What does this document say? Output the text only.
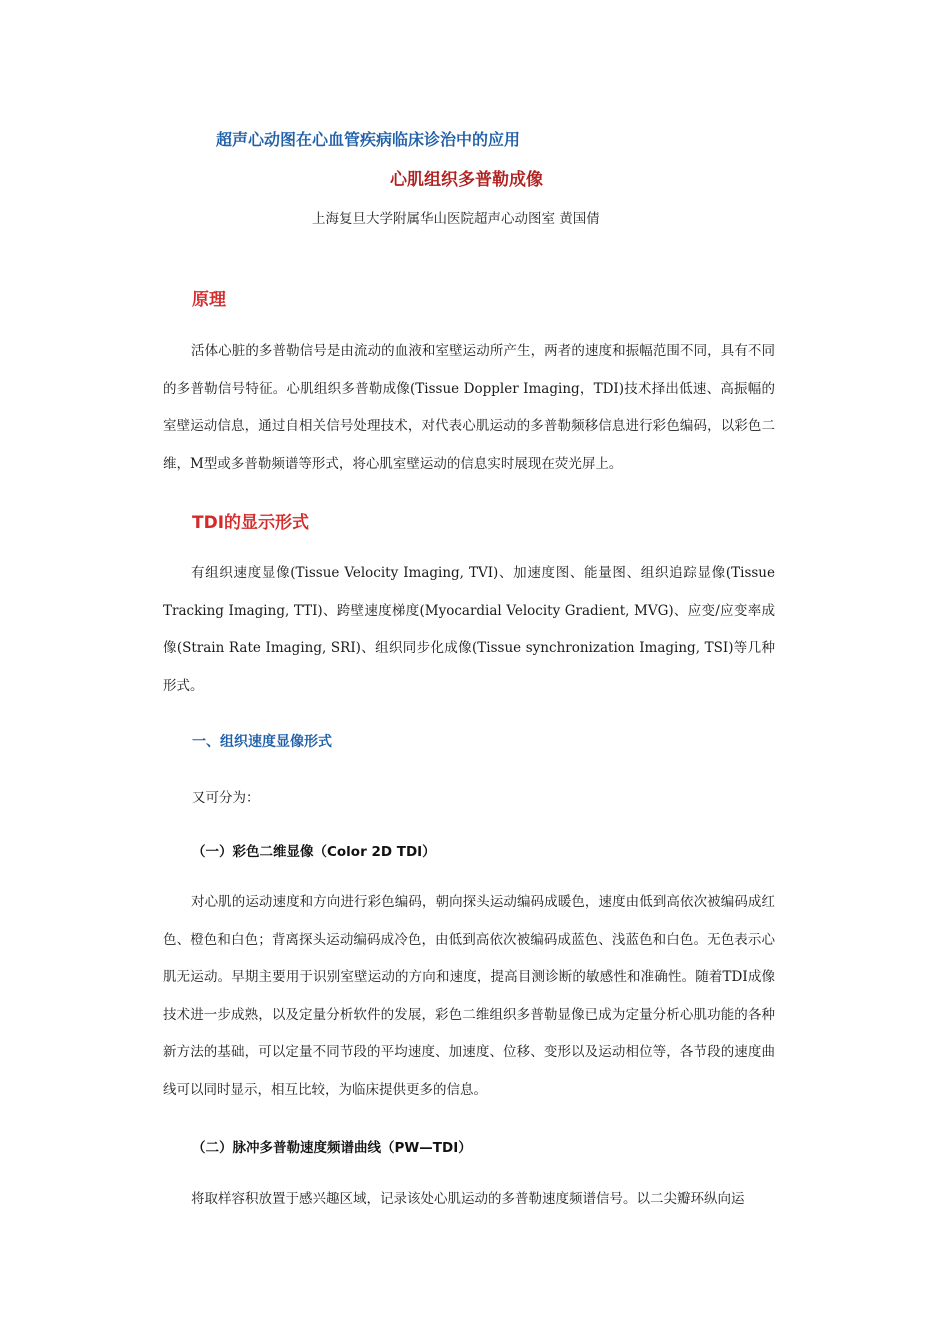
超声心动图在心血管疾病临床诊治中的应用
心肌组织多普勒成像
上海复旦大学附属华山医院超声心动图室 黄国倩
原理
活体心脏的多普勒信号是由流动的血液和室壁运动所产生，两者的速度和振幅范围不同，具有不同的多普勒信号特征。心肌组织多普勒成像(Tissue Doppler Imaging，TDI)技术择出低速、高振幅的室壁运动信息，通过自相关信号处理技术，对代表心肌运动的多普勒频移信息进行彩色编码，以彩色二维，M型或多普勒频谱等形式，将心肌室壁运动的信息实时展现在荧光屏上。
TDI的显示形式
有组织速度显像(Tissue Velocity Imaging, TVI)、加速度图、能量图、组织追踪显像(Tissue Tracking Imaging, TTI)、跨壁速度梯度(Myocardial Velocity Gradient, MVG)、应变/应变率成像(Strain Rate Imaging, SRI)、组织同步化成像(Tissue synchronization Imaging, TSI)等几种形式。
一、组织速度显像形式
又可分为：
（一）彩色二维显像（Color 2D TDI）
对心肌的运动速度和方向进行彩色编码，朝向探头运动编码成暖色，速度由低到高依次被编码成红色、橙色和白色；背离探头运动编码成冷色，由低到高依次被编码成蓝色、浅蓝色和白色。无色表示心肌无运动。早期主要用于识别室壁运动的方向和速度，提高目测诊断的敏感性和准确性。随着TDI成像技术进一步成熟，以及定量分析软件的发展，彩色二维组织多普勒显像已成为定量分析心肌功能的各种新方法的基础，可以定量不同节段的平均速度、加速度、位移、变形以及运动相位等，各节段的速度曲线可以同时显示，相互比较，为临床提供更多的信息。
（二）脉冲多普勒速度频谱曲线（PW—TDI）
将取样容积放置于感兴趣区域，记录该处心肌运动的多普勒速度频谱信号。以二尖瓣环纵向运
